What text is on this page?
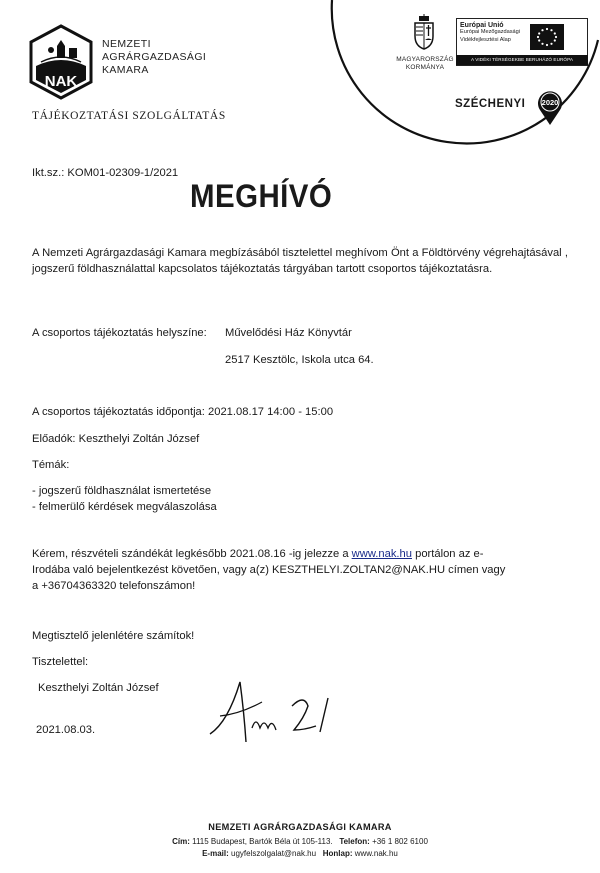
NAK
NEMZETI
AGRÁRGAZDASÁGI
KAMARA
TÁJÉKOZTATÁSI SZOLGÁLTATÁS
MAGYARORSZÁG
KORMÁNYA
Európai Unió
Európai Mezőgazdasági
Vidékfejlesztési Alap
A VIDÉKI TÉRSÉGEKBE BERUHÁZÓ EURÓPA
SZÉCHENYI 2020
Ikt.sz.: KOM01-02309-1/2021
MEGHÍVÓ
A Nemzeti Agrárgazdasági Kamara megbízásából tisztelettel meghívom Önt a Földtörvény végrehajtásával , jogszerű földhasználattal kapcsolatos tájékoztatás tárgyában tartott csoportos tájékoztatásra.
A csoportos tájékoztatás helyszíne: Művelődési Ház Könyvtár
2517 Kesztölc, Iskola utca 64.
A csoportos tájékoztatás időpontja: 2021.08.17 14:00 - 15:00
Előadók: Keszthelyi Zoltán József
Témák:
- jogszerű földhasználat ismertetése
- felmerülő kérdések megválaszolása
Kérem, részvételi szándékát legkésőbb 2021.08.16 -ig jelezze a www.nak.hu portálon az e-Irodába való bejelentkezést követően, vagy a(z) KESZTHELYI.ZOLTAN2@NAK.HU címen vagy a +36704363320 telefonszámon!
Megtisztelő jelenlétére számítok!
Tisztelettel:
Keszthelyi Zoltán József
2021.08.03.
NEMZETI AGRÁRGAZDASÁGI KAMARA
Cím: 1115 Budapest, Bartók Béla út 105-113. Telefon: +36 1 802 6100
E-mail: ugyfelszolgalat@nak.hu Honlap: www.nak.hu
